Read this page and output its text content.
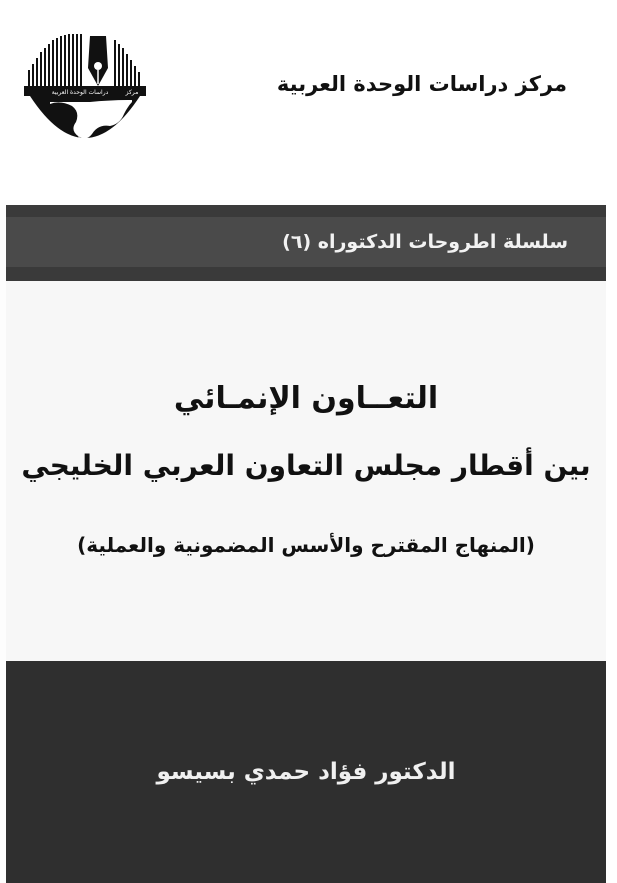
دراسات الوحدة العربية	مركز	مركز دراسات الوحدة العربية
سلسلة اطروحات الدكتوراه (٦)
التعــاون الإنمـائي
بين أقطار مجلس التعاون العربي الخليجي
(المنهاج المقترح والأسس المضمونية والعملية)
الدكتور فؤاد حمدي بسيسو
